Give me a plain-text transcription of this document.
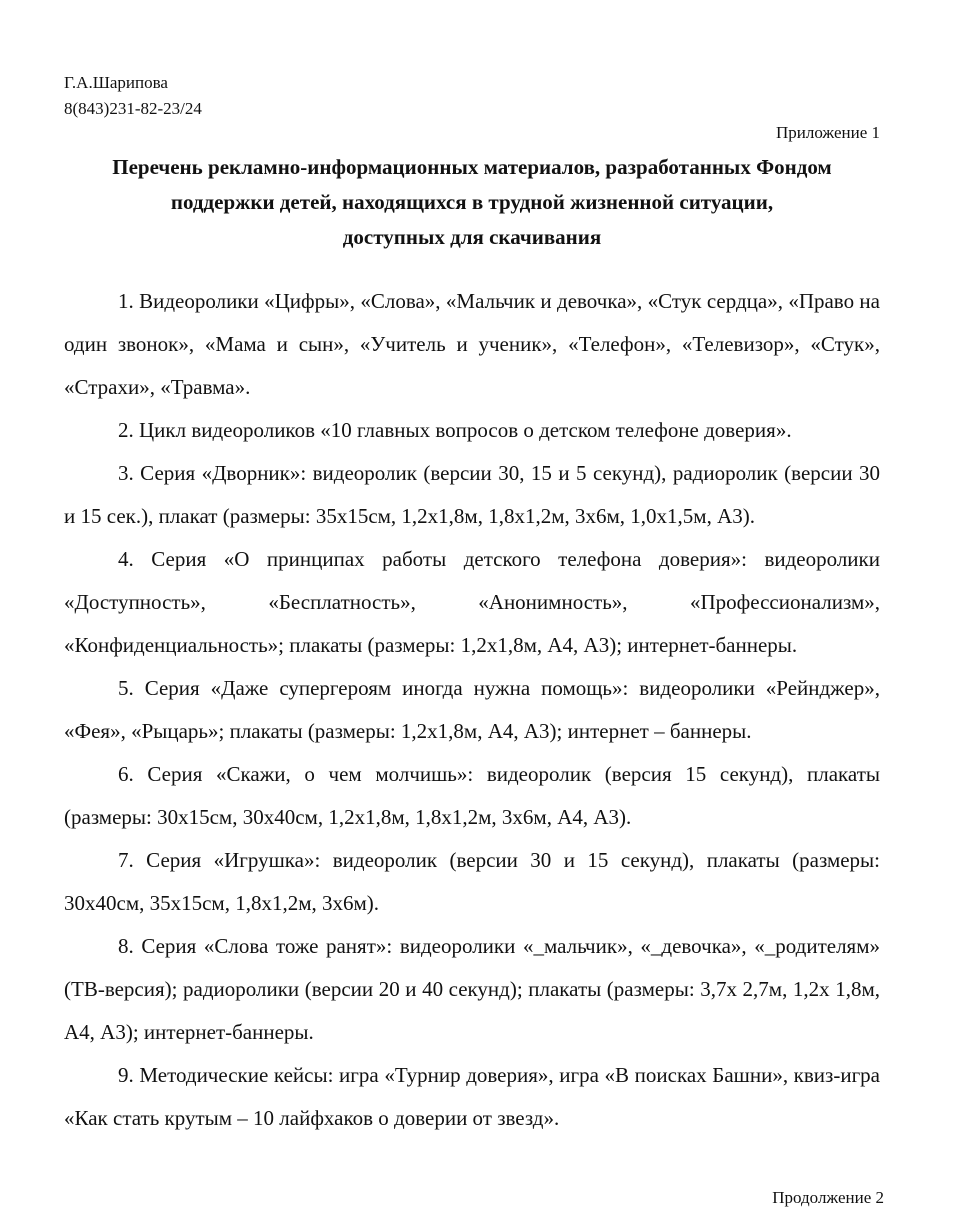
Г.А.Шарипова
8(843)231-82-23/24
Приложение 1
Перечень рекламно-информационных материалов, разработанных Фондом
поддержки детей, находящихся в трудной жизненной ситуации,
доступных для скачивания
1. Видеоролики «Цифры», «Слова», «Мальчик и девочка», «Стук сердца», «Право на один звонок», «Мама и сын», «Учитель и ученик», «Телефон», «Телевизор», «Стук», «Страхи», «Травма».
2. Цикл видеороликов «10 главных вопросов о детском телефоне доверия».
3. Серия «Дворник»: видеоролик (версии 30, 15 и 5 секунд), радиоролик (версии 30 и 15 сек.), плакат (размеры: 35х15см, 1,2х1,8м, 1,8х1,2м, 3х6м, 1,0х1,5м, А3).
4. Серия «О принципах работы детского телефона доверия»: видеоролики «Доступность», «Бесплатность», «Анонимность», «Профессионализм», «Конфиденциальность»; плакаты (размеры: 1,2х1,8м, А4, А3); интернет-баннеры.
5. Серия «Даже супергероям иногда нужна помощь»: видеоролики «Рейнджер», «Фея», «Рыцарь»; плакаты (размеры: 1,2х1,8м, А4, А3); интернет – баннеры.
6. Серия «Скажи, о чем молчишь»: видеоролик (версия 15 секунд), плакаты (размеры: 30х15см, 30х40см, 1,2х1,8м, 1,8х1,2м, 3х6м, А4, А3).
7. Серия «Игрушка»: видеоролик (версии 30 и 15 секунд), плакаты (размеры: 30х40см, 35х15см, 1,8х1,2м, 3х6м).
8. Серия «Слова тоже ранят»: видеоролики «_мальчик», «_девочка», «_родителям» (ТВ-версия); радиоролики (версии 20 и 40 секунд); плакаты (размеры: 3,7х 2,7м, 1,2х 1,8м, А4, А3); интернет-баннеры.
9. Методические кейсы: игра «Турнир доверия», игра «В поисках Башни», квиз-игра «Как стать крутым – 10 лайфхаков о доверии от звезд».
Продолжение 2
